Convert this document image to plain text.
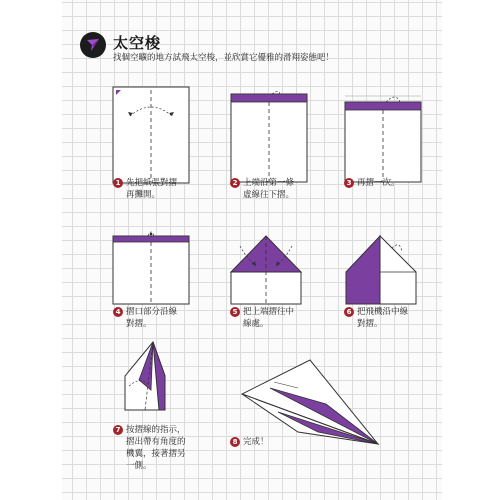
太空梭
找個空曠的地方試飛太空梭，並欣賞它優雅的滑翔姿態吧！
1 先把紙張對摺
再攤開。
2 上端沿第一條
虛線往下摺。
3 再摺一次。
4 摺口部分沿線
對摺。
5 把上端摺往中
線處。
6 把飛機沿中線
對摺。
7 按摺線的指示，
摺出帶有角度的
機翼，接著摺另
一側。
8 完成！
